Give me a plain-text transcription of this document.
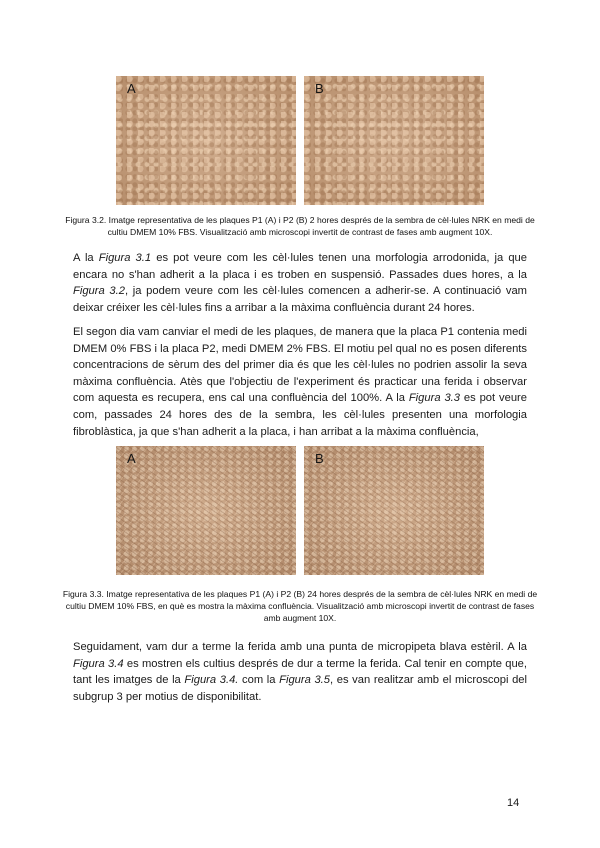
A	B
Figura 3.2. Imatge representativa de les plaques P1 (A) i P2 (B) 2 hores després de la sembra de cèl·lules NRK en medi de cultiu DMEM 10% FBS. Visualització amb microscopi invertit de contrast de fases amb augment 10X.

A la Figura 3.1 es pot veure com les cèl·lules tenen una morfologia arrodonida, ja que encara no s'han adherit a la placa i es troben en suspensió. Passades dues hores, a la Figura 3.2, ja podem veure com les cèl·lules comencen a adherir-se. A continuació vam deixar créixer les cèl·lules fins a arribar a la màxima confluència durant 24 hores.

El segon dia vam canviar el medi de les plaques, de manera que la placa P1 contenia medi DMEM 0% FBS i la placa P2, medi DMEM 2% FBS. El motiu pel qual no es posen diferents concentracions de sèrum des del primer dia és que les cèl·lules no podrien assolir la seva màxima confluència. Atès que l'objectiu de l'experiment és practicar una ferida i observar com aquesta es recupera, ens cal una confluència del 100%. A la Figura 3.3 es pot veure com, passades 24 hores des de la sembra, les cèl·lules presenten una morfologia fibroblàstica, ja que s'han adherit a la placa, i han arribat a la màxima confluència,

A	B
Figura 3.3. Imatge representativa de les plaques P1 (A) i P2 (B) 24 hores després de la sembra de cèl·lules NRK en medi de cultiu DMEM 10% FBS, en què es mostra la màxima confluència. Visualització amb microscopi invertit de contrast de fases amb augment 10X.

Seguidament, vam dur a terme la ferida amb una punta de micropipeta blava estèril. A la Figura 3.4 es mostren els cultius després de dur a terme la ferida. Cal tenir en compte que, tant les imatges de la Figura 3.4. com la Figura 3.5, es van realitzar amb el microscopi del subgrup 3 per motius de disponibilitat.

14
